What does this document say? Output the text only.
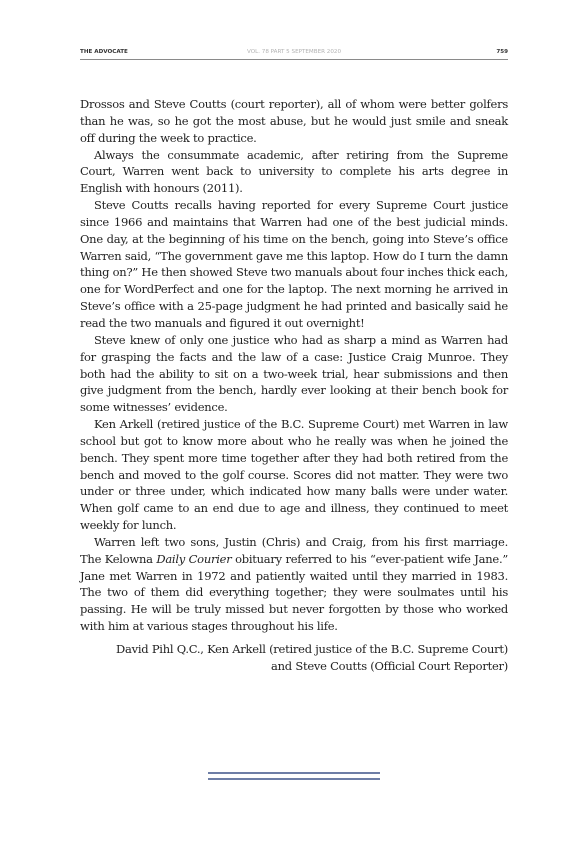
THE ADVOCATE	VOL. 78 PART 5 SEPTEMBER 2020	759

Drossos and Steve Coutts (court reporter), all of whom were better golfers than he was, so he got the most abuse, but he would just smile and sneak off during the week to practice.

Always the consummate academic, after retiring from the Supreme Court, Warren went back to university to complete his arts degree in English with honours (2011).

Steve Coutts recalls having reported for every Supreme Court justice since 1966 and maintains that Warren had one of the best judicial minds. One day, at the beginning of his time on the bench, going into Steve’s office Warren said, “The government gave me this laptop. How do I turn the damn thing on?” He then showed Steve two manuals about four inches thick each, one for WordPerfect and one for the laptop. The next morning he arrived in Steve’s office with a 25-page judgment he had printed and basically said he read the two manuals and figured it out overnight!

Steve knew of only one justice who had as sharp a mind as Warren had for grasping the facts and the law of a case: Justice Craig Munroe. They both had the ability to sit on a two-week trial, hear submissions and then give judgment from the bench, hardly ever looking at their bench book for some witnesses’ evidence.

Ken Arkell (retired justice of the B.C. Supreme Court) met Warren in law school but got to know more about who he really was when he joined the bench. They spent more time together after they had both retired from the bench and moved to the golf course. Scores did not matter. They were two under or three under, which indicated how many balls were under water. When golf came to an end due to age and illness, they continued to meet weekly for lunch.

Warren left two sons, Justin (Chris) and Craig, from his first marriage. The Kelowna Daily Courier obituary referred to his “ever-patient wife Jane.” Jane met Warren in 1972 and patiently waited until they married in 1983. The two of them did everything together; they were soulmates until his passing. He will be truly missed but never forgotten by those who worked with him at various stages throughout his life.

David Pihl Q.C., Ken Arkell (retired justice of the B.C. Supreme Court)
and Steve Coutts (Official Court Reporter)
